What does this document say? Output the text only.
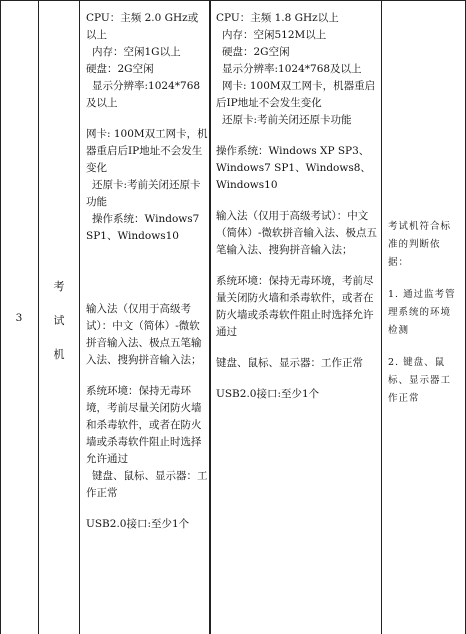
3
考
试
机

CPU：主频 2.0 GHz或以上

内存：空闲1G以上

硬盘：2G空闲

显示分辨率:1024*768及以上

网卡: 100M双工网卡，机器重启后IP地址不会发生变化

还原卡:考前关闭还原卡功能

操作系统：Windows7 SP1、Windows10

输入法（仅用于高级考试）：中文（简体）-微软拼音输入法、极点五笔输入法、搜狗拼音输入法；

系统环境：保持无毒环境，考前尽量关闭防火墙和杀毒软件，或者在防火墙或杀毒软件阻止时选择允许通过

键盘、鼠标、显示器：工作正常

USB2.0接口:至少1个

CPU：主频 1.8 GHz以上

内存：空闲512M以上

硬盘：2G空闲

显示分辨率:1024*768及以上

网卡: 100M双工网卡，机器重启后IP地址不会发生变化

还原卡:考前关闭还原卡功能

操作系统：Windows XP SP3、Windows7 SP1、Windows8、Windows10

输入法（仅用于高级考试）：中文（简体）-微软拼音输入法、极点五笔输入法、搜狗拼音输入法；

系统环境：保持无毒环境，考前尽量关闭防火墙和杀毒软件，或者在防火墙或杀毒软件阻止时选择允许通过

键盘、鼠标、显示器：工作正常

USB2.0接口:至少1个

考试机符合标准的判断依据：

1. 通过监考管理系统的环境检测

2. 键盘、鼠标、显示器工作正常
